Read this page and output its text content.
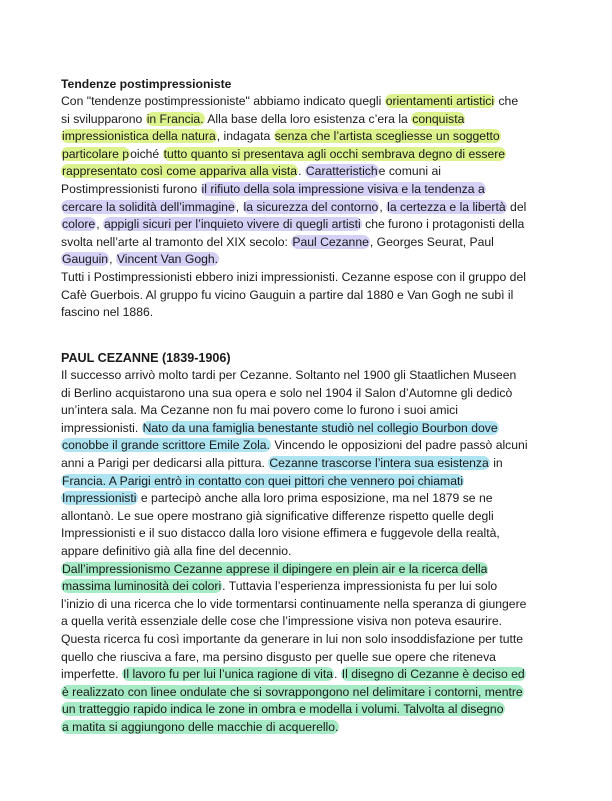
Tendenze postimpressioniste
Con "tendenze postimpressioniste" abbiamo indicato quegli orientamenti artistici che
si svilupparono in Francia. Alla base della loro esistenza c’era la conquista
impressionistica della natura, indagata senza che l’artista scegliesse un soggetto
particolare poiché tutto quanto si presentava agli occhi sembrava degno di essere
rappresentato così come appariva alla vista. Caratteristiche comuni ai
Postimpressionisti furono il rifiuto della sola impressione visiva e la tendenza a
cercare la solidità dell’immagine, la sicurezza del contorno, la certezza e la libertà del
colore, appigli sicuri per l’inquieto vivere di quegli artisti che furono i protagonisti della
svolta nell’arte al tramonto del XIX secolo: Paul Cezanne, Georges Seurat, Paul
Gauguin, Vincent Van Gogh.
Tutti i Postimpressionisti ebbero inizi impressionisti. Cezanne espose con il gruppo del
Cafè Guerbois. Al gruppo fu vicino Gauguin a partire dal 1880 e Van Gogh ne subì il
fascino nel 1886.
PAUL CEZANNE (1839-1906)
Il successo arrivò molto tardi per Cezanne. Soltanto nel 1900 gli Staatlichen Museen
di Berlino acquistarono una sua opera e solo nel 1904 il Salon d’Automne gli dedicò
un’intera sala. Ma Cezanne non fu mai povero come lo furono i suoi amici
impressionisti. Nato da una famiglia benestante studiò nel collegio Bourbon dove
conobbe il grande scrittore Emile Zola. Vincendo le opposizioni del padre passò alcuni
anni a Parigi per dedicarsi alla pittura. Cezanne trascorse l’intera sua esistenza in
Francia. A Parigi entrò in contatto con quei pittori che vennero poi chiamati
Impressionisti e partecipò anche alla loro prima esposizione, ma nel 1879 se ne
allontanò. Le sue opere mostrano già significative differenze rispetto quelle degli
Impressionisti e il suo distacco dalla loro visione effimera e fuggevole della realtà,
appare definitivo già alla fine del decennio.
Dall’impressionismo Cezanne apprese il dipingere en plein air e la ricerca della
massima luminosità dei colori. Tuttavia l’esperienza impressionista fu per lui solo
l’inizio di una ricerca che lo vide tormentarsi continuamente nella speranza di giungere
a quella verità essenziale delle cose che l’impressione visiva non poteva esaurire.
Questa ricerca fu così importante da generare in lui non solo insoddisfazione per tutte
quello che riusciva a fare, ma persino disgusto per quelle sue opere che riteneva
imperfette. Il lavoro fu per lui l’unica ragione di vita. Il disegno di Cezanne è deciso ed
è realizzato con linee ondulate che si sovrappongono nel delimitare i contorni, mentre
un tratteggio rapido indica le zone in ombra e modella i volumi. Talvolta al disegno
a matita si aggiungono delle macchie di acquerello.
